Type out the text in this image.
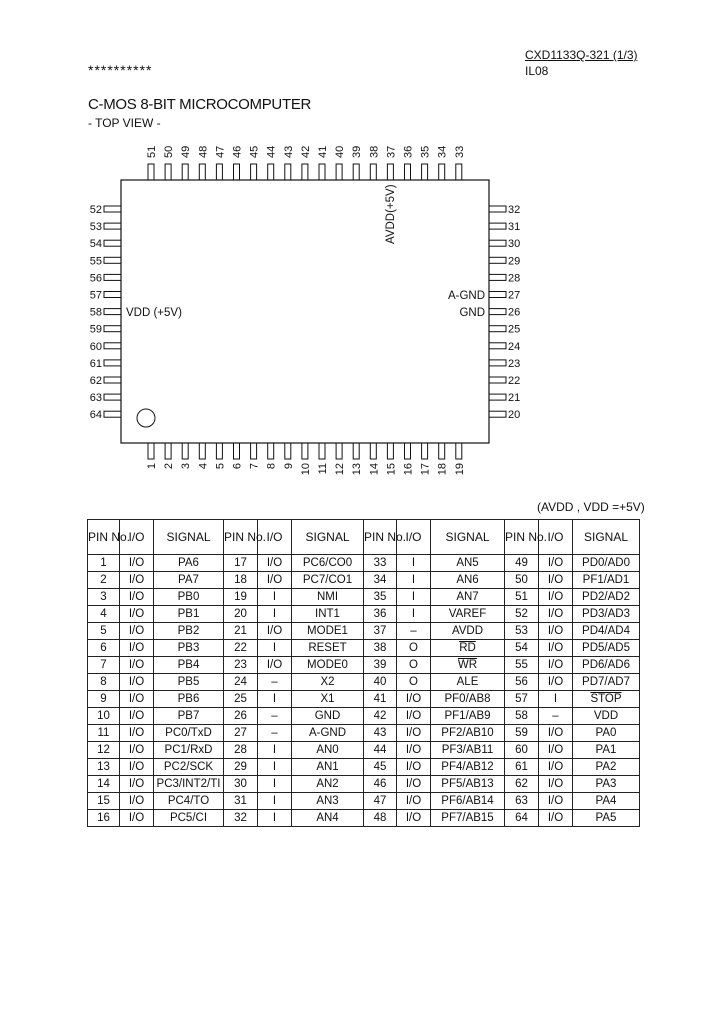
CXD1133Q-321 (1/3)
**********	IL08
C-MOS 8-BIT MICROCOMPUTER
- TOP VIEW -
51 50 49 48 47 46 45 44 43 42 41 40 39 38 37 36 35 34 33
1 2 3 4 5 6 7 8 9 10 11 12 13 14 15 16 17 18 19
52
53
54
55
56
57
58
59
60
61
62
63
64
32
31
30
29
28
27
26
25
24
23
22
21
20
VDD (+5V)
A-GND
GND
AVDD(+5V)
(AVDD , VDD =+5V)
PIN No.	I/O	SIGNAL	PIN No.	I/O	SIGNAL	PIN No.	I/O	SIGNAL	PIN No.	I/O	SIGNAL
1	I/O	PA6	17	I/O	PC6/CO0	33	I	AN5	49	I/O	PD0/AD0
2	I/O	PA7	18	I/O	PC7/CO1	34	I	AN6	50	I/O	PF1/AD1
3	I/O	PB0	19	I	NMI	35	I	AN7	51	I/O	PD2/AD2
4	I/O	PB1	20	I	INT1	36	I	VAREF	52	I/O	PD3/AD3
5	I/O	PB2	21	I/O	MODE1	37	–	AVDD	53	I/O	PD4/AD4
6	I/O	PB3	22	I	RESET	38	O	$\overline{RD}$	54	I/O	PD5/AD5
7	I/O	PB4	23	I/O	MODE0	39	O	$\overline{WR}$	55	I/O	PD6/AD6
8	I/O	PB5	24	–	X2	40	O	ALE	56	I/O	PD7/AD7
9	I/O	PB6	25	I	X1	41	I/O	PF0/AB8	57	I	STOP
10	I/O	PB7	26	–	GND	42	I/O	PF1/AB9	58	–	VDD
11	I/O	PC0/TxD	27	–	A-GND	43	I/O	PF2/AB10	59	I/O	PA0
12	I/O	PC1/RxD	28	I	AN0	44	I/O	PF3/AB11	60	I/O	PA1
13	I/O	PC2/SCK	29	I	AN1	45	I/O	PF4/AB12	61	I/O	PA2
14	I/O	PC3/INT2/TI	30	I	AN2	46	I/O	PF5/AB13	62	I/O	PA3
15	I/O	PC4/TO	31	I	AN3	47	I/O	PF6/AB14	63	I/O	PA4
16	I/O	PC5/CI	32	I	AN4	48	I/O	PF7/AB15	64	I/O	PA5
